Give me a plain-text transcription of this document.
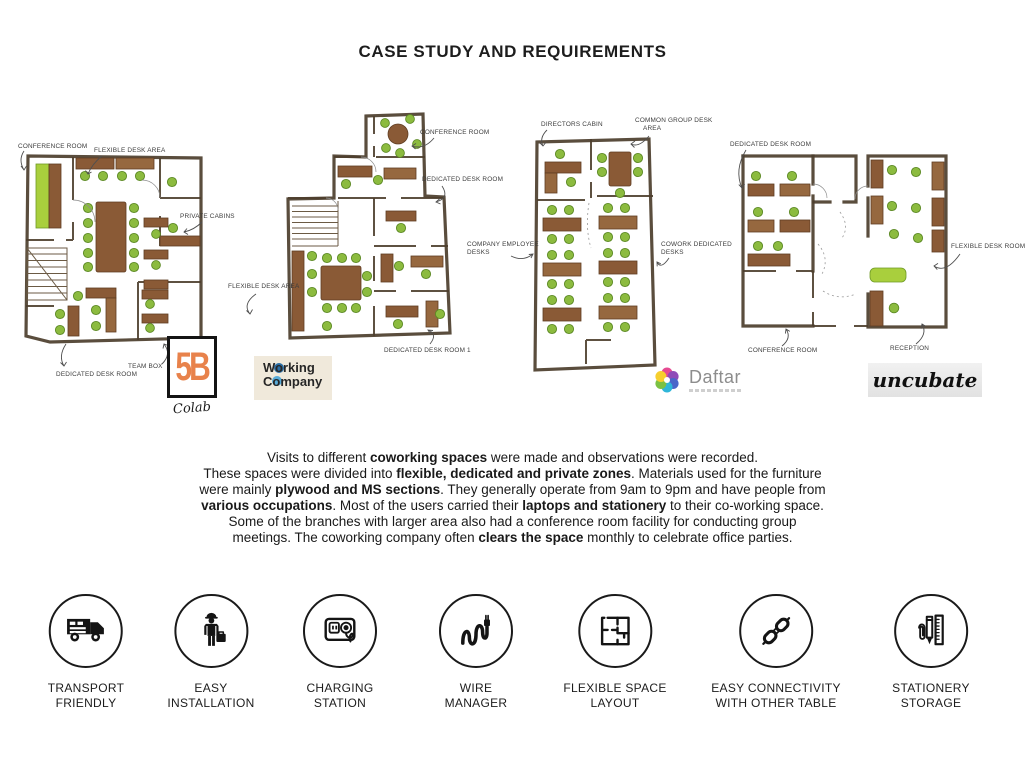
CASE STUDY AND REQUIREMENTS
CONFERENCE ROOM
FLEXIBLE DESK AREA
PRIVATE CABINS
TEAM BOX
DEDICATED DESK ROOM 5B
Colab
CONFERENCE ROOM
DEDICATED DESK ROOM
FLEXIBLE DESK AREA
DEDICATED DESK ROOM 1
Working
Company
DIRECTORS CABIN
COMMON GROUP DESK
AREA
COMPANY EMPLOYEE
DESKS
COWORK DEDICATED
DESKS
Daftar
DEDICATED DESK ROOM
FLEXIBLE DESK ROOM
CONFERENCE ROOM	RECEPTION
uncubate
Visits to different coworking spaces were made and observations were recorded.
These spaces were divided into flexible, dedicated and private zones. Materials used for the furniture
were mainly plywood and MS sections. They generally operate from 9am to 9pm and have people from
various occupations. Most of the users carried their laptops and stationery to their co-working space.
Some of the branches with larger area also had a conference room facility for conducting group
meetings. The coworking company often clears the space monthly to celebrate office parties.
TRANSPORT
FRIENDLY
EASY
INSTALLATION
CHARGING
STATION
WIRE
MANAGER
FLEXIBLE SPACE
LAYOUT
EASY CONNECTIVITY
WITH OTHER TABLE
STATIONERY
STORAGE
